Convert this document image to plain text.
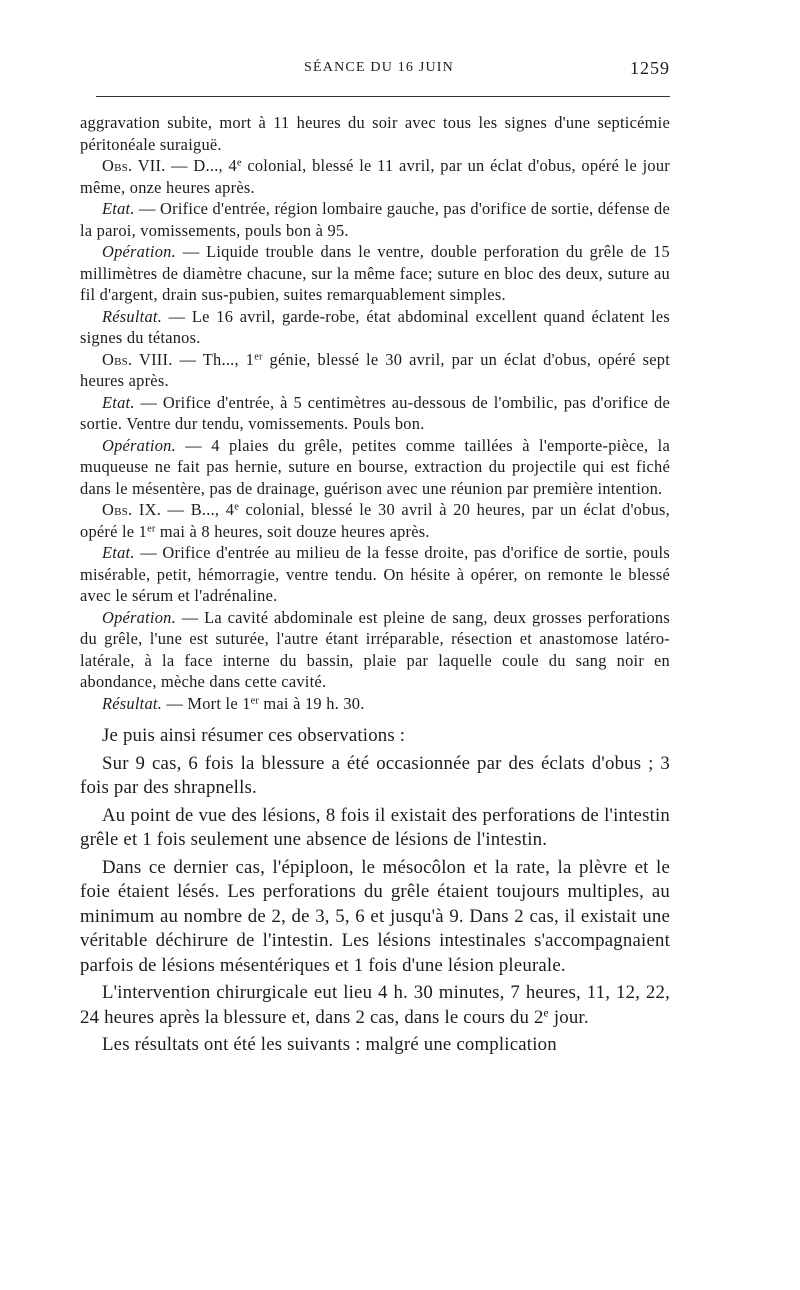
SÉANCE DU 16 JUIN	1259

aggravation subite, mort à 11 heures du soir avec tous les signes d'une septicémie péritonéale suraiguë.

Obs. VII. — D..., 4e colonial, blessé le 11 avril, par un éclat d'obus, opéré le jour même, onze heures après.

Etat. — Orifice d'entrée, région lombaire gauche, pas d'orifice de sortie, défense de la paroi, vomissements, pouls bon à 95.

Opération. — Liquide trouble dans le ventre, double perforation du grêle de 15 millimètres de diamètre chacune, sur la même face; suture en bloc des deux, suture au fil d'argent, drain sus-pubien, suites remarquablement simples.

Résultat. — Le 16 avril, garde-robe, état abdominal excellent quand éclatent les signes du tétanos.

Obs. VIII. — Th..., 1er génie, blessé le 30 avril, par un éclat d'obus, opéré sept heures après.

Etat. — Orifice d'entrée, à 5 centimètres au-dessous de l'ombilic, pas d'orifice de sortie. Ventre dur tendu, vomissements. Pouls bon.

Opération. — 4 plaies du grêle, petites comme taillées à l'emporte-pièce, la muqueuse ne fait pas hernie, suture en bourse, extraction du projectile qui est fiché dans le mésentère, pas de drainage, guérison avec une réunion par première intention.

Obs. IX. — B..., 4e colonial, blessé le 30 avril à 20 heures, par un éclat d'obus, opéré le 1er mai à 8 heures, soit douze heures après.

Etat. — Orifice d'entrée au milieu de la fesse droite, pas d'orifice de sortie, pouls misérable, petit, hémorragie, ventre tendu. On hésite à opérer, on remonte le blessé avec le sérum et l'adrénaline.

Opération. — La cavité abdominale est pleine de sang, deux grosses perforations du grêle, l'une est suturée, l'autre étant irréparable, résection et anastomose latéro-latérale, à la face interne du bassin, plaie par laquelle coule du sang noir en abondance, mèche dans cette cavité.

Résultat. — Mort le 1er mai à 19 h. 30.

Je puis ainsi résumer ces observations :

Sur 9 cas, 6 fois la blessure a été occasionnée par des éclats d'obus ; 3 fois par des shrapnells.

Au point de vue des lésions, 8 fois il existait des perforations de l'intestin grêle et 1 fois seulement une absence de lésions de l'intestin.

Dans ce dernier cas, l'épiploon, le mésocôlon et la rate, la plèvre et le foie étaient lésés. Les perforations du grêle étaient toujours multiples, au minimum au nombre de 2, de 3, 5, 6 et jusqu'à 9. Dans 2 cas, il existait une véritable déchirure de l'intestin. Les lésions intestinales s'accompagnaient parfois de lésions mésentériques et 1 fois d'une lésion pleurale.

L'intervention chirurgicale eut lieu 4 h. 30 minutes, 7 heures, 11, 12, 22, 24 heures après la blessure et, dans 2 cas, dans le cours du 2e jour.

Les résultats ont été les suivants : malgré une complication
